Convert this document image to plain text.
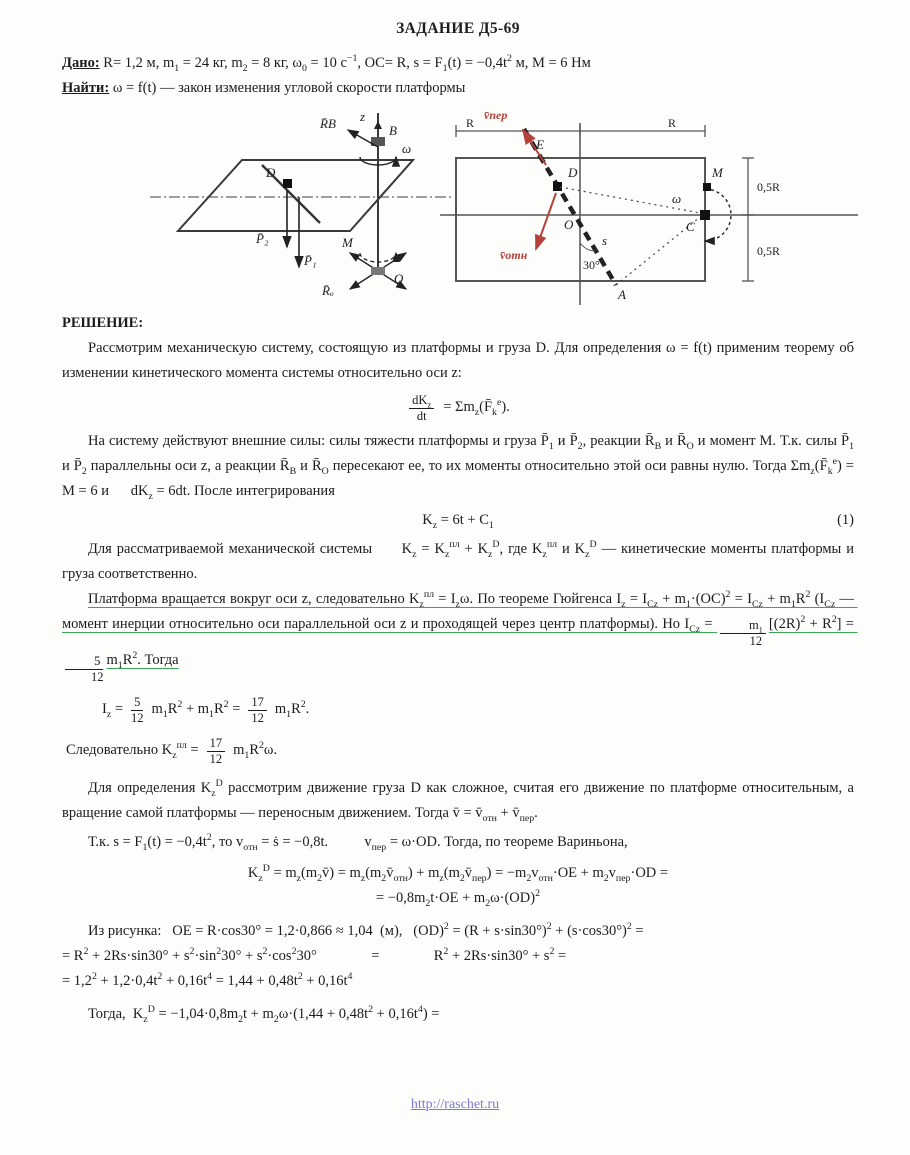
ЗАДАНИЕ Д5-69
Дано: R= 1,2 м, $m_1 = 24$ кг, $m_2 = 8$ кг, $\omega_0 = 10$ $с^{-1}$, OC= R, $s = F_1(t) = -0,4t^2$ м, M = 6 Нм
Найти: ω = f(t) — закон изменения угловой скорости платформы
D
P̄₂
P̄₁
z
B
R̄B
ω
M
O
R̄ₒ
R	R
0,5R
0,5R
D
E
A
O
s
C
M
ω
30°
v̄пер
v̄отн
РЕШЕНИЕ:
Рассмотрим механическую систему, состоящую из платформы и груза D. Для определения ω = f(t) применим теорему об изменении кинетического момента системы относительно оси z:
$\frac{dK_z}{dt}$ = $\Sigma m_z(F̄_k^e)$.
На систему действуют внешние силы: силы тяжести платформы и груза $P̄_1$ и $P̄_2$, реакции $R̄_B$ и $R̄_O$ и момент M. Т.к. силы $P̄_1$ и $P̄_2$ параллельны оси z, а реакции $R̄_B$ и $R̄_O$ пересекают ее, то их моменты относительно этой оси равны нулю. Тогда $\Sigma m_z(F̄_k^e) = M = 6$ и      $dK_z = 6dt$. После интегрирования
$K_z = 6t + C_1$	(1)
Для рассматриваемой механической системы      $K_z = K_z^{пл} + K_z^D$, где $K_z^{пл}$ и $K_z^D$ — кинетические моменты платформы и груза соответственно.
Платформа вращается вокруг оси z, следовательно $K_z^{пл} = I_z\omega$. По теореме Гюйгенса $I_z = I_{Cz} + m_1\cdot(OC)^2 = I_{Cz} + m_1R^2$ ($I_{Cz}$ — момент инерции относительно оси параллельной оси z и проходящей через центр платформы). Но $I_{Cz} = \frac{m_1}{12} [(2R)^2 + R^2]$ =
$\frac{5}{12} m_1R^2$. Тогда
$I_z = \frac{5}{12} m_1R^2 + m_1R^2 = \frac{17}{12} m_1R^2$.
Следовательно $K_z^{пл} = \frac{17}{12} m_1R^2\omega$.
Для определения $K_z^D$ рассмотрим движение груза D как сложное, считая его движение по платформе относительным, а вращение самой платформы — переносным движением. Тогда v̄ = $v̄_{отн}$ + $v̄_{пер}$.
Т.к. $s = F_1(t) = -0,4t^2$, то $v_{отн}$ = ṡ = −0,8t.          $v_{пер} = \omega\cdot OD$. Тогда, по теореме Вариньона,
$K_z^D$ = $m_z(m_2v̄)$ = $m_z(m_2v̄_{отн})$ + $m_z(m_2v̄_{пер}) = -m_2v_{отн}\cdot OE + m_2v_{пер}\cdot OD$ =
= $-0,8m_2t\cdot OE + m_2\omega\cdot(OD)^2$
Из рисунка:   OE = R·cos30° = 1,2·0,866 ≈ 1,04  (м),   $(OD)^2 = (R + s\cdot\sin 30^\circ)^2 + (s\cdot\cos 30^\circ)^2$ =
= $R^2 + 2Rs\cdot\sin 30^\circ + s^2\cdot\sin^230^\circ + s^2\cdot\cos^230^\circ$               =               $R^2 + 2Rs\cdot\sin 30^\circ + s^2$ =
= $1,2^2 + 1,2\cdot 0,4t^2 + 0,16t^4 = 1,44 + 0,48t^2 + 0,16t^4$
Тогда,  $K_z^D = -1,04\cdot 0,8m_2t + m_2\omega\cdot(1,44 + 0,48t^2 + 0,16t^4)$ =
http://raschet.ru
